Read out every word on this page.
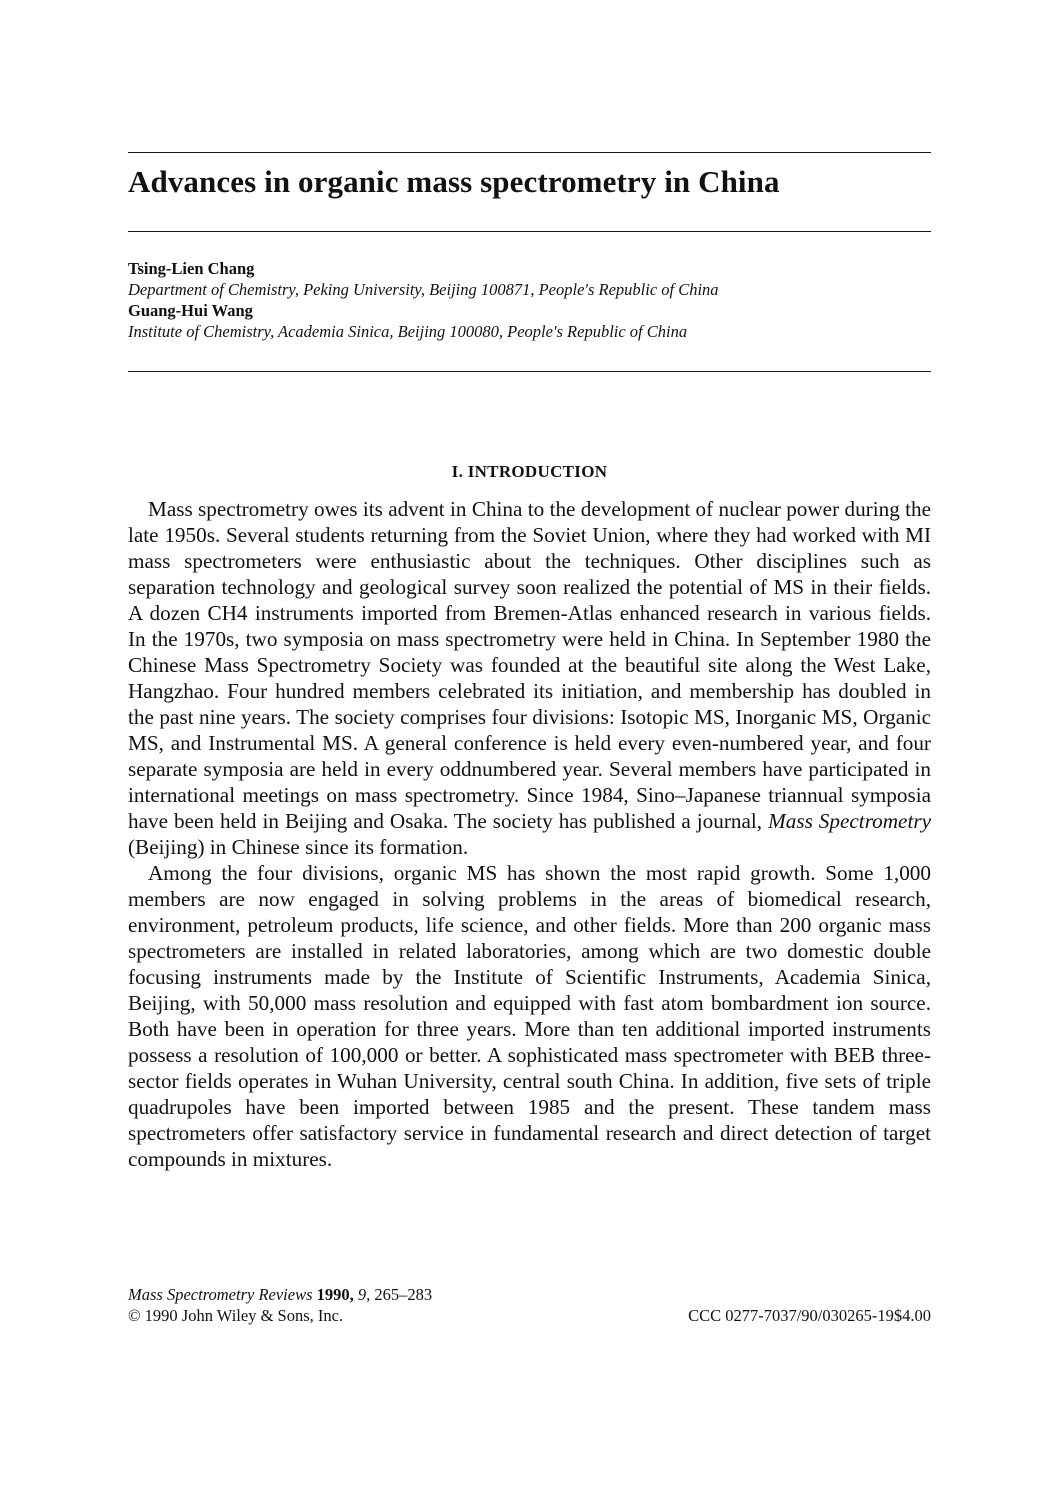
Advances in organic mass spectrometry in China
Tsing-Lien Chang
Department of Chemistry, Peking University, Beijing 100871, People's Republic of China
Guang-Hui Wang
Institute of Chemistry, Academia Sinica, Beijing 100080, People's Republic of China
I. INTRODUCTION

Mass spectrometry owes its advent in China to the development of nuclear power during the late 1950s. Several students returning from the Soviet Union, where they had worked with MI mass spectrometers were enthusiastic about the techniques. Other disciplines such as separation technology and geological survey soon realized the potential of MS in their fields. A dozen CH4 instruments imported from Bremen-Atlas enhanced research in various fields. In the 1970s, two symposia on mass spectrometry were held in China. In September 1980 the Chinese Mass Spectrometry Society was founded at the beautiful site along the West Lake, Hangzhao. Four hundred members celebrated its initiation, and membership has doubled in the past nine years. The society comprises four divisions: Isotopic MS, Inorganic MS, Organic MS, and Instrumental MS. A general conference is held every even-numbered year, and four separate symposia are held in every oddnumbered year. Several members have participated in international meetings on mass spectrometry. Since 1984, Sino–Japanese triannual symposia have been held in Beijing and Osaka. The society has published a journal, Mass Spectrometry (Beijing) in Chinese since its formation.

Among the four divisions, organic MS has shown the most rapid growth. Some 1,000 members are now engaged in solving problems in the areas of biomedical research, environment, petroleum products, life science, and other fields. More than 200 organic mass spectrometers are installed in related laboratories, among which are two domestic double focusing instruments made by the Institute of Scientific Instruments, Academia Sinica, Beijing, with 50,000 mass resolution and equipped with fast atom bombardment ion source. Both have been in operation for three years. More than ten additional imported instruments possess a resolution of 100,000 or better. A sophisticated mass spectrometer with BEB threesector fields operates in Wuhan University, central south China. In addition, five sets of triple quadrupoles have been imported between 1985 and the present. These tandem mass spectrometers offer satisfactory service in fundamental research and direct detection of target compounds in mixtures.

Mass Spectrometry Reviews 1990, 9, 265–283
© 1990 John Wiley & Sons, Inc.	CCC 0277-7037/90/030265-19$4.00
